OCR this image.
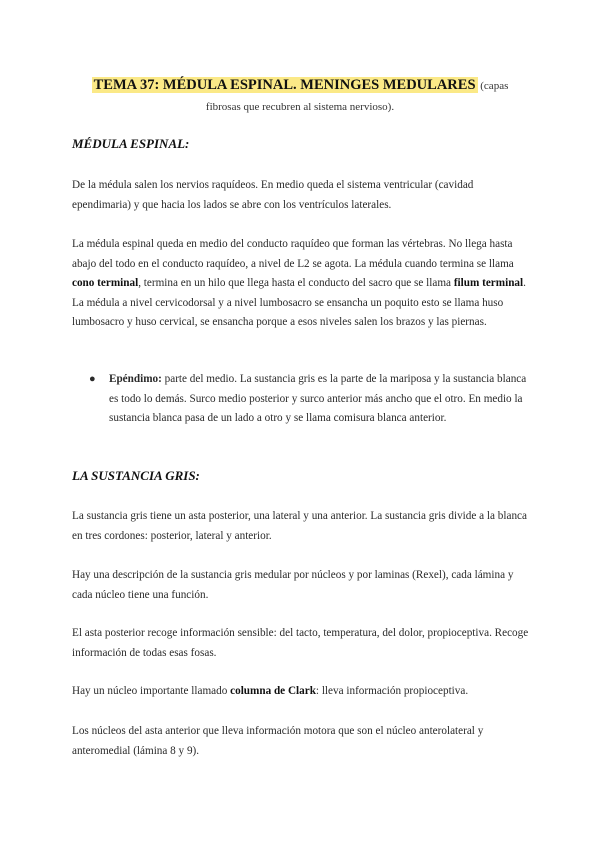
TEMA 37: MÉDULA ESPINAL. MENINGES MEDULARES (capas
fibrosas que recubren al sistema nervioso).
MÉDULA ESPINAL:
De la médula salen los nervios raquídeos. En medio queda el sistema ventricular (cavidad ependimaria) y que hacia los lados se abre con los ventrículos laterales.
La médula espinal queda en medio del conducto raquídeo que forman las vértebras. No llega hasta abajo del todo en el conducto raquídeo, a nivel de L2 se agota. La médula cuando termina se llama cono terminal, termina en un hilo que llega hasta el conducto del sacro que se llama filum terminal. La médula a nivel cervicodorsal y a nivel lumbosacro se ensancha un poquito esto se llama huso lumbosacro y huso cervical, se ensancha porque a esos niveles salen los brazos y las piernas.
● Epéndimo: parte del medio. La sustancia gris es la parte de la mariposa y la sustancia blanca es todo lo demás. Surco medio posterior y surco anterior más ancho que el otro. En medio la sustancia blanca pasa de un lado a otro y se llama comisura blanca anterior.
LA SUSTANCIA GRIS:
La sustancia gris tiene un asta posterior, una lateral y una anterior. La sustancia gris divide a la blanca en tres cordones: posterior, lateral y anterior.
Hay una descripción de la sustancia gris medular por núcleos y por laminas (Rexel), cada lámina y cada núcleo tiene una función.
El asta posterior recoge información sensible: del tacto, temperatura, del dolor, propioceptiva. Recoge información de todas esas fosas.
Hay un núcleo importante llamado columna de Clark: lleva información propioceptiva.
Los núcleos del asta anterior que lleva información motora que son el núcleo anterolateral y anteromedial (lámina 8 y 9).
